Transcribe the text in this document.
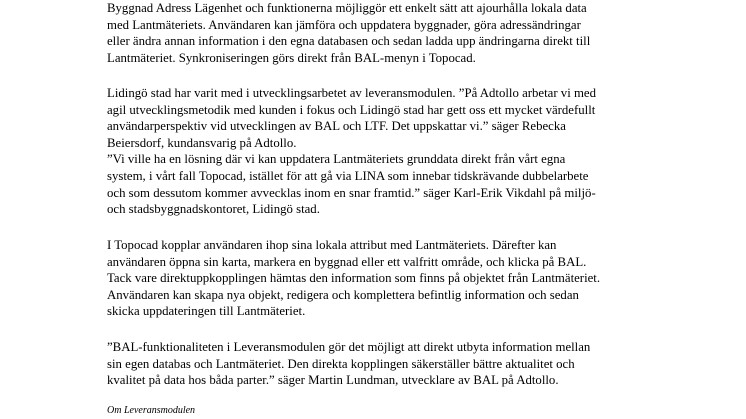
Byggnad Adress Lägenhet och funktionerna möjliggör ett enkelt sätt att ajourhålla lokala data
med Lantmäteriets. Användaren kan jämföra och uppdatera byggnader, göra adressändringar
eller ändra annan information i den egna databasen och sedan ladda upp ändringarna direkt till
Lantmäteriet. Synkroniseringen görs direkt från BAL-menyn i Topocad.
Lidingö stad har varit med i utvecklingsarbetet av leveransmodulen. ”På Adtollo arbetar vi med
agil utvecklingsmetodik med kunden i fokus och Lidingö stad har gett oss ett mycket värdefullt
användarperspektiv vid utvecklingen av BAL och LTF. Det uppskattar vi.” säger Rebecka
Beiersdorf, kundansvarig på Adtollo.
”Vi ville ha en lösning där vi kan uppdatera Lantmäteriets grunddata direkt från vårt egna
system, i vårt fall Topocad, istället för att gå via LINA som innebar tidskrävande dubbelarbete
och som dessutom kommer avvecklas inom en snar framtid.” säger Karl-Erik Vikdahl på miljö-
och stadsbyggnadskontoret, Lidingö stad.
I Topocad kopplar användaren ihop sina lokala attribut med Lantmäteriets. Därefter kan
användaren öppna sin karta, markera en byggnad eller ett valfritt område, och klicka på BAL.
Tack vare direktuppkopplingen hämtas den information som finns på objektet från Lantmäteriet.
Användaren kan skapa nya objekt, redigera och komplettera befintlig information och sedan
skicka uppdateringen till Lantmäteriet.
”BAL-funktionaliteten i Leveransmodulen gör det möjligt att direkt utbyta information mellan
sin egen databas och Lantmäteriet. Den direkta kopplingen säkerställer bättre aktualitet och
kvalitet på data hos båda parter.” säger Martin Lundman, utvecklare av BAL på Adtollo.
Om Leveransmodulen
